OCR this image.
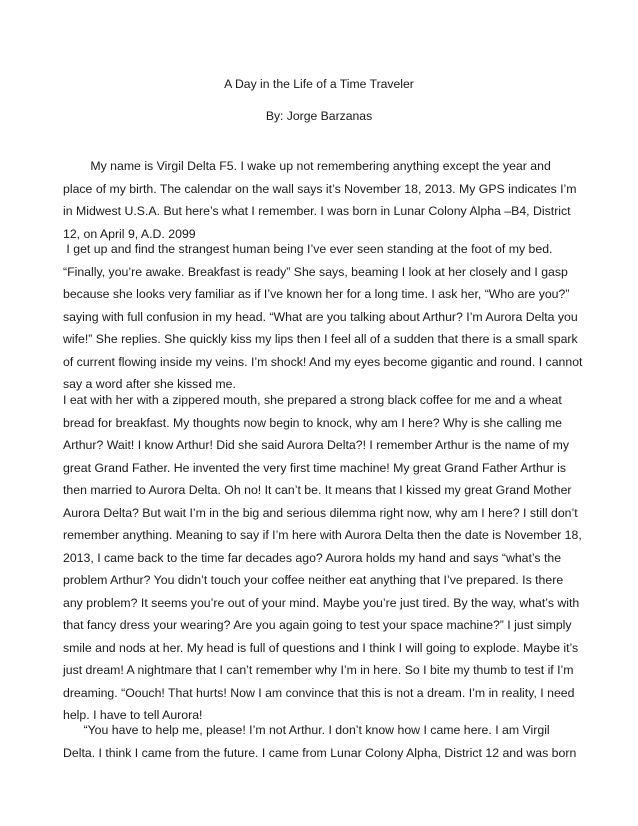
A Day in the Life of a Time Traveler
By: Jorge Barzanas
My name is Virgil Delta F5. I wake up not remembering anything except the year and
place of my birth. The calendar on the wall says it’s November 18, 2013. My GPS indicates I’m
in Midwest U.S.A. But here’s what I remember. I was born in Lunar Colony Alpha –B4, District
12, on April 9, A.D. 2099
I get up and find the strangest human being I’ve ever seen standing at the foot of my bed.
“Finally, you’re awake. Breakfast is ready” She says, beaming I look at her closely and I gasp
because she looks very familiar as if I’ve known her for a long time. I ask her, “Who are you?”
saying with full confusion in my head. “What are you talking about Arthur? I’m Aurora Delta you
wife!” She replies. She quickly kiss my lips then I feel all of a sudden that there is a small spark
of current flowing inside my veins. I’m shock! And my eyes become gigantic and round. I cannot
say a word after she kissed me.
I eat with her with a zippered mouth, she prepared a strong black coffee for me and a wheat
bread for breakfast. My thoughts now begin to knock, why am I here? Why is she calling me
Arthur? Wait! I know Arthur! Did she said Aurora Delta?! I remember Arthur is the name of my
great Grand Father. He invented the very first time machine! My great Grand Father Arthur is
then married to Aurora Delta. Oh no! It can’t be. It means that I kissed my great Grand Mother
Aurora Delta? But wait I’m in the big and serious dilemma right now, why am I here? I still don’t
remember anything. Meaning to say if I’m here with Aurora Delta then the date is November 18,
2013, I came back to the time far decades ago? Aurora holds my hand and says “what’s the
problem Arthur? You didn’t touch your coffee neither eat anything that I’ve prepared. Is there
any problem? It seems you’re out of your mind. Maybe you’re just tired. By the way, what’s with
that fancy dress your wearing? Are you again going to test your space machine?” I just simply
smile and nods at her. My head is full of questions and I think I will going to explode. Maybe it’s
just dream! A nightmare that I can’t remember why I’m in here. So I bite my thumb to test if I’m
dreaming. “Oouch! That hurts! Now I am convince that this is not a dream. I’m in reality, I need
help. I have to tell Aurora!
“You have to help me, please! I’m not Arthur. I don’t know how I came here. I am Virgil
Delta. I think I came from the future. I came from Lunar Colony Alpha, District 12 and was born
